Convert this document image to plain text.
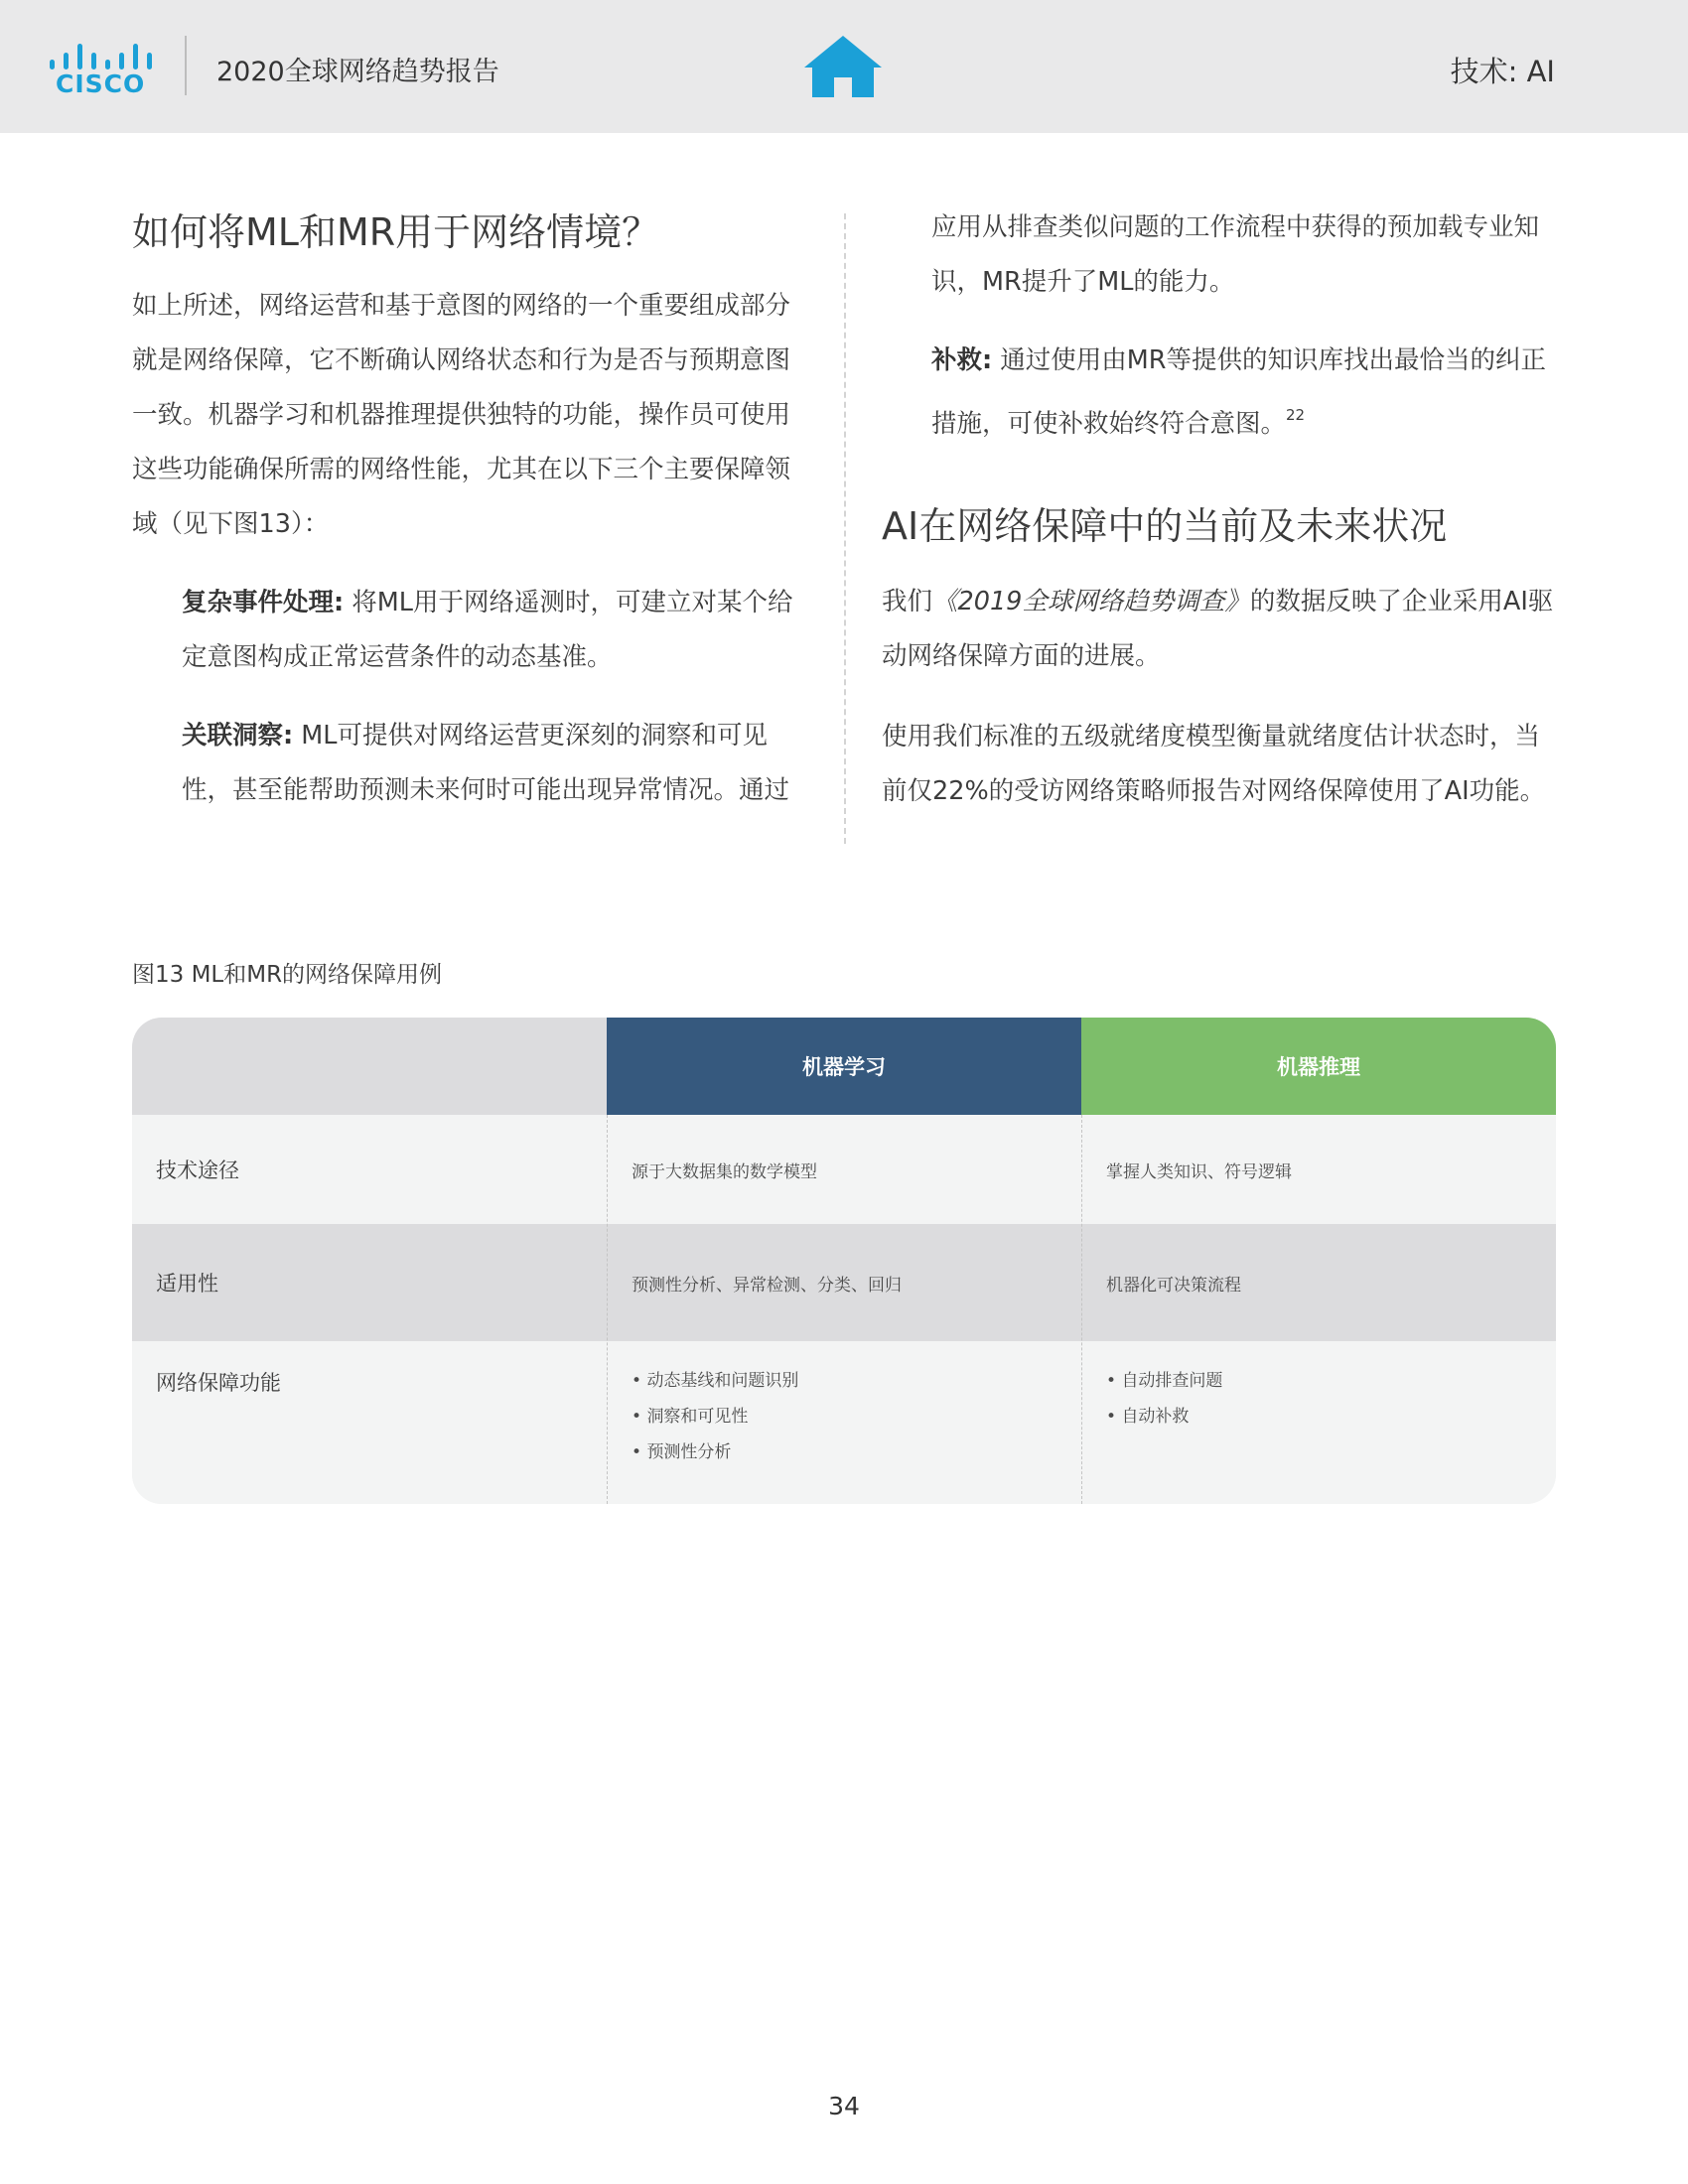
CISCO	2020全球网络趋势报告	技术: AI
如何将ML和MR用于网络情境？

如上所述，网络运营和基于意图的网络的一个重要组成部分就是网络保障，它不断确认网络状态和行为是否与预期意图一致。机器学习和机器推理提供独特的功能，操作员可使用这些功能确保所需的网络性能，尤其在以下三个主要保障领域（见下图13）：

复杂事件处理: 将ML用于网络遥测时，可建立对某个给定意图构成正常运营条件的动态基准。

关联洞察: ML可提供对网络运营更深刻的洞察和可见性，甚至能帮助预测未来何时可能出现异常情况。通过

应用从排查类似问题的工作流程中获得的预加载专业知识，MR提升了ML的能力。

补救: 通过使用由MR等提供的知识库找出最恰当的纠正措施，可使补救始终符合意图。$^{22}$

AI在网络保障中的当前及未来状况

我们《2019全球网络趋势调查》的数据反映了企业采用AI驱动网络保障方面的进展。

使用我们标准的五级就绪度模型衡量就绪度估计状态时，当前仅22%的受访网络策略师报告对网络保障使用了AI功能。

图13 ML和MR的网络保障用例
机器学习	机器推理
技术途径	源于大数据集的数学模型	掌握人类知识、符号逻辑
适用性	预测性分析、异常检测、分类、回归	机器化可决策流程
网络保障功能
•	动态基线和问题识别
• 洞察和可见性
• 预测性分析
• 自动排查问题
• 自动补救
34
